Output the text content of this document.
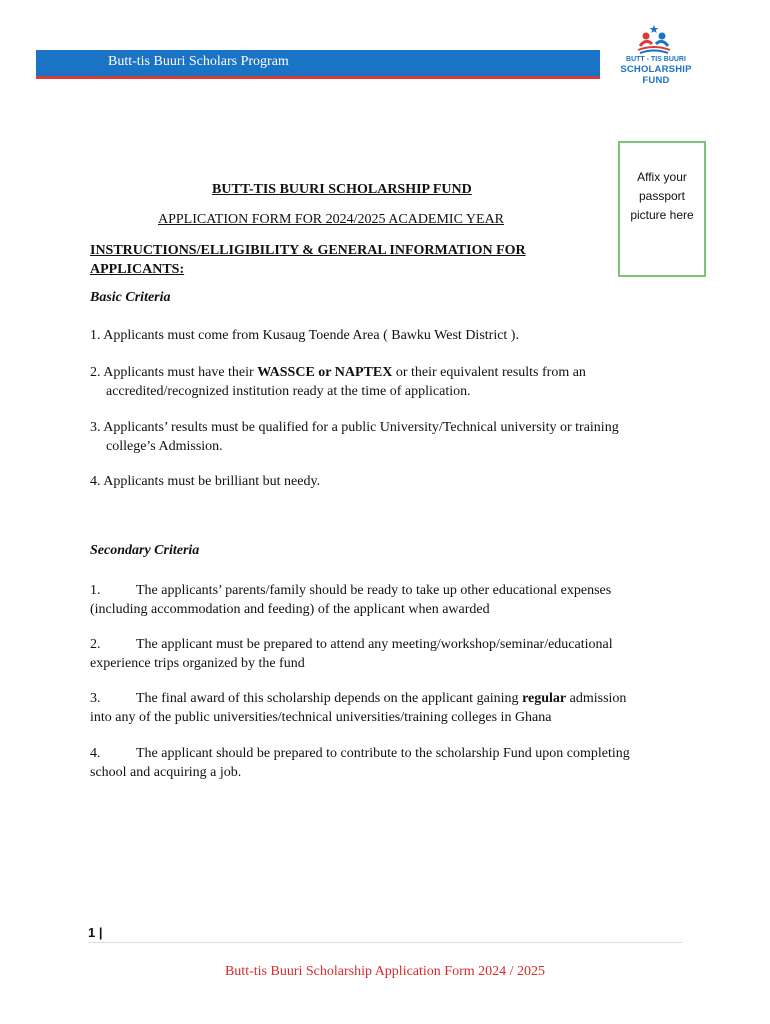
Butt-tis Buuri Scholars Program	BUTT - TIS BUURI
SCHOLARSHIP FUND
Affix your
passport
picture here
BUTT-TIS BUURI SCHOLARSHIP FUND
APPLICATION FORM FOR 2024/2025 ACADEMIC YEAR
INSTRUCTIONS/ELLIGIBILITY & GENERAL INFORMATION FOR APPLICANTS:
Basic Criteria
1. Applicants must come from Kusaug Toende Area ( Bawku West District ).
2. Applicants must have their WASSCE or NAPTEX or their equivalent results from an
accredited/recognized institution ready at the time of application.
3. Applicants’ results must be qualified for a public University/Technical university or training
college’s Admission.
4. Applicants must be brilliant but needy.
Secondary Criteria
1.	The applicants’ parents/family should be ready to take up other educational expenses
(including accommodation and feeding) of the applicant when awarded
2.	The applicant must be prepared to attend any meeting/workshop/seminar/educational
experience trips organized by the fund
3.	The final award of this scholarship depends on the applicant gaining regular admission
into any of the public universities/technical universities/training colleges in Ghana
4.	The applicant should be prepared to contribute to the scholarship Fund upon completing
school and acquiring a job.
1 |
Butt-tis Buuri Scholarship Application Form 2024 / 2025
